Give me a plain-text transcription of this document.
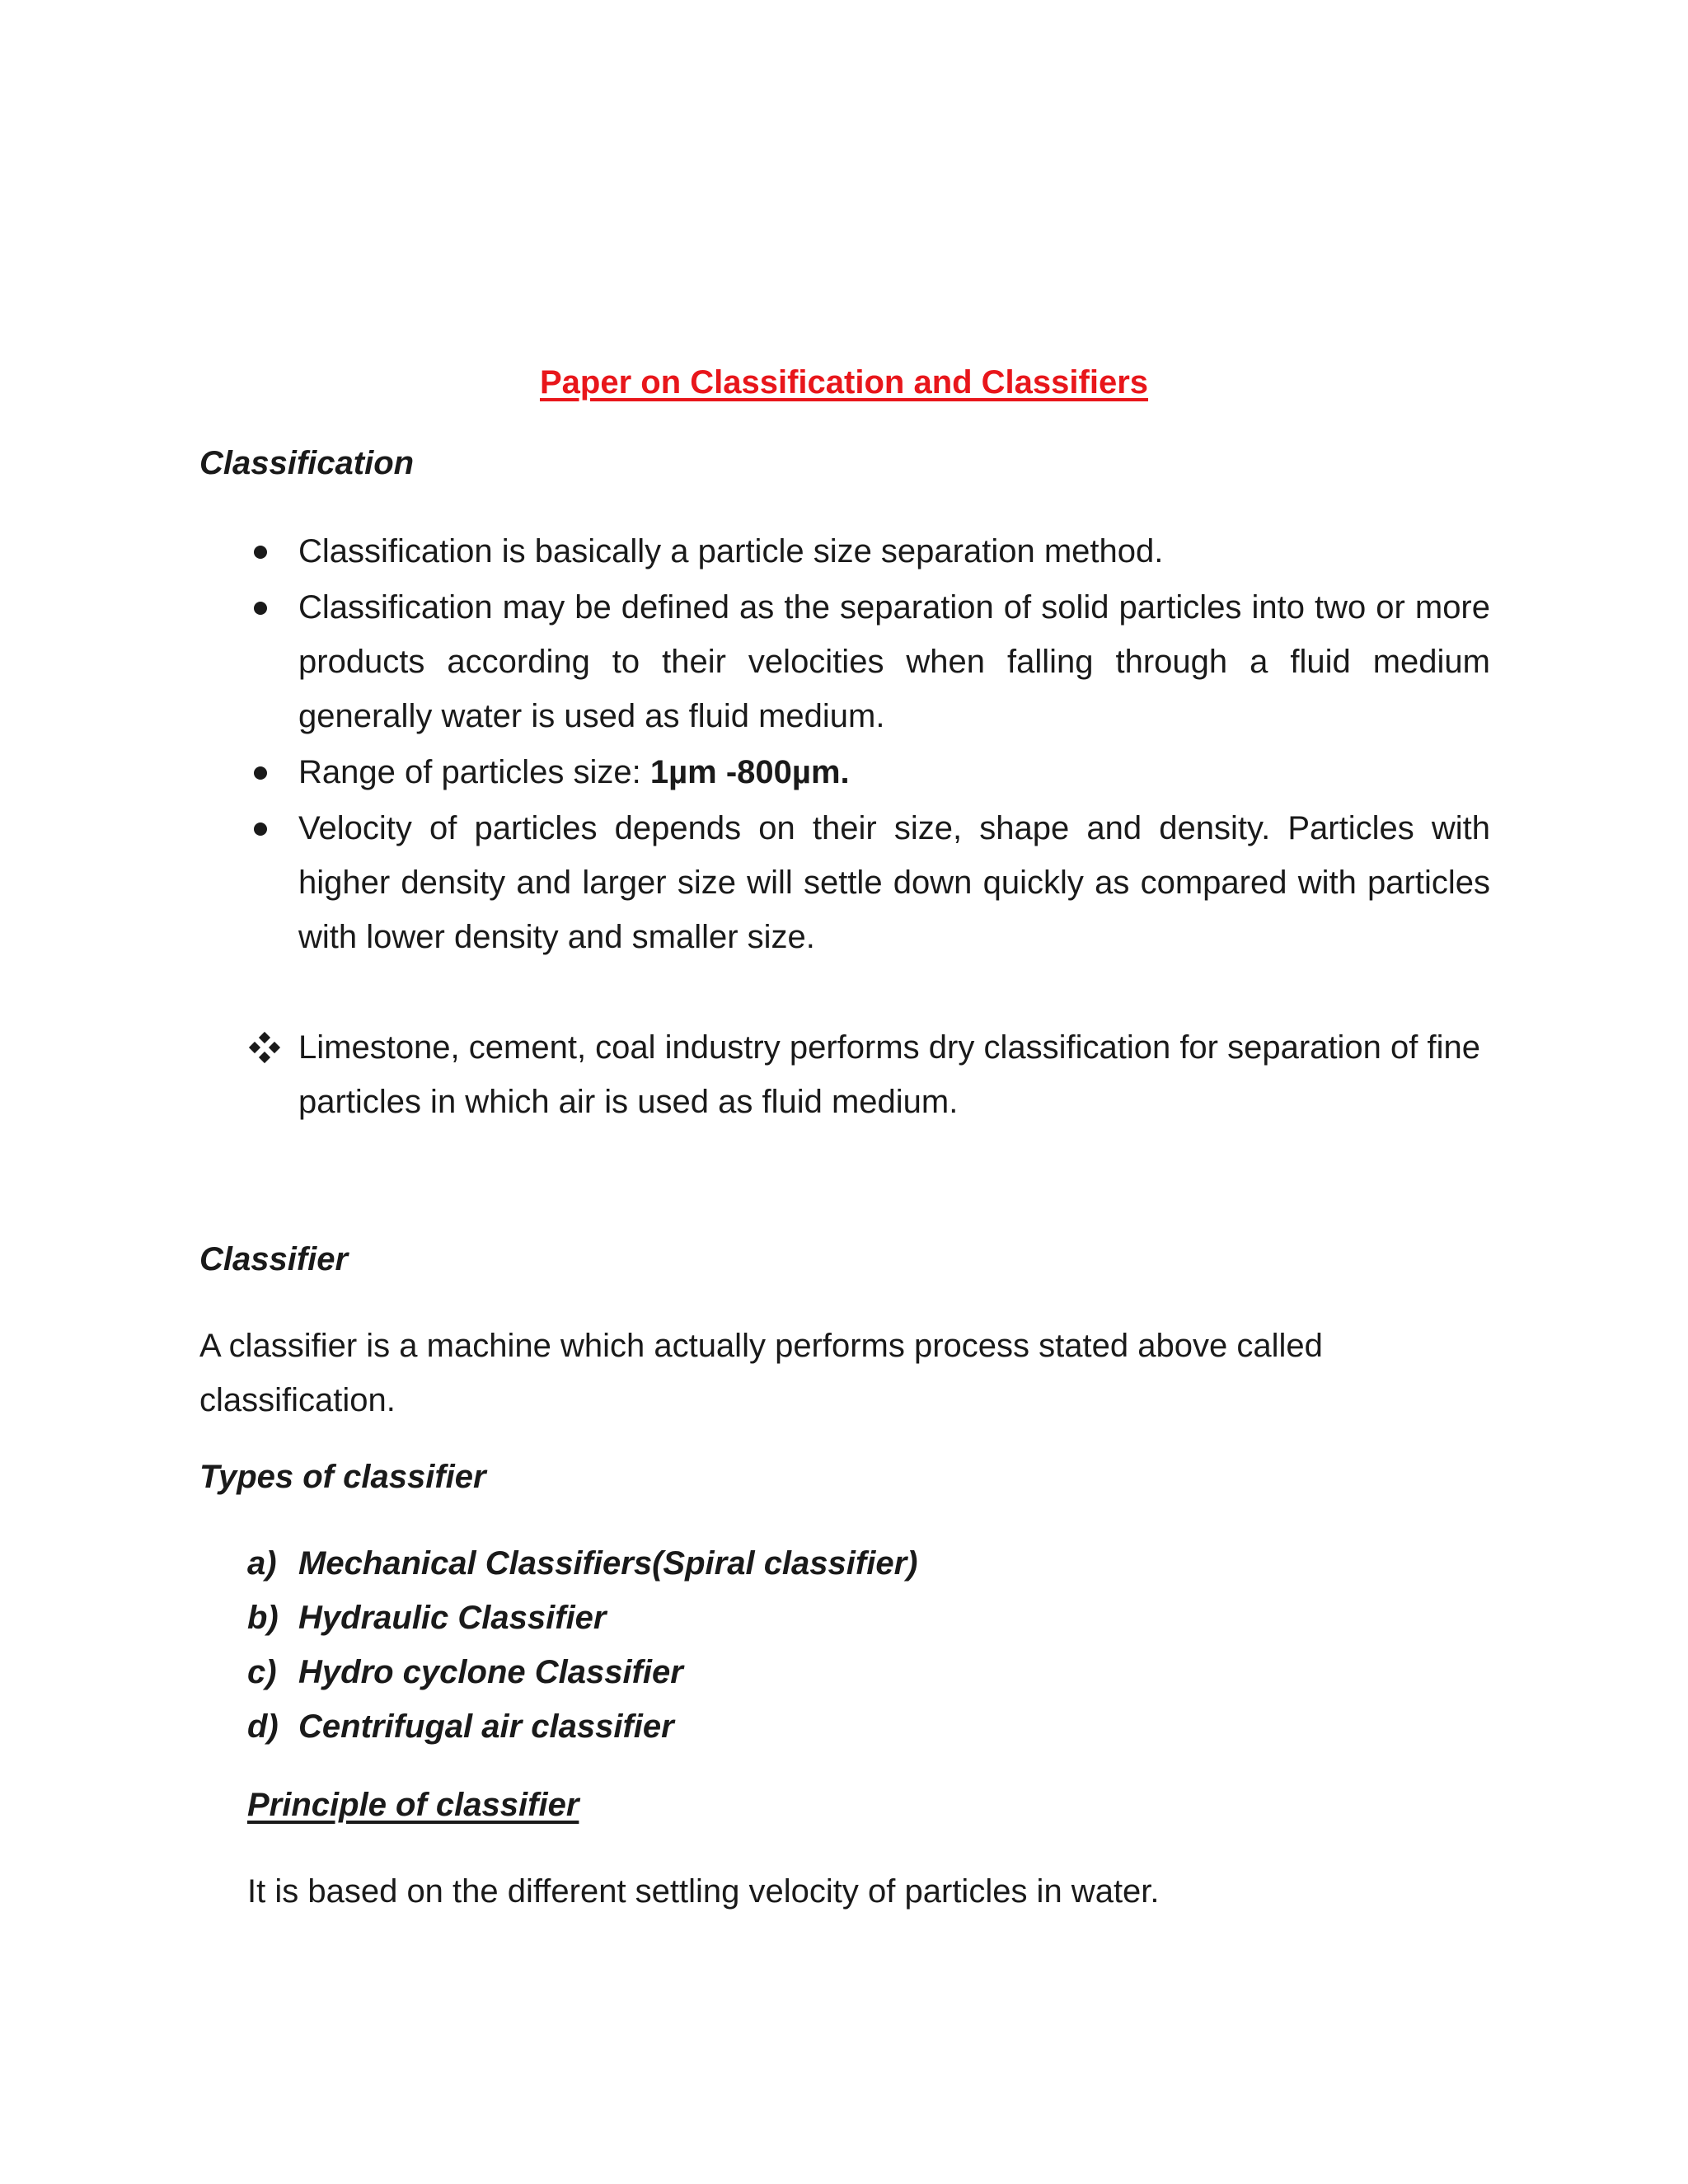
Paper on Classification and Classifiers
Classification
Classification is basically a particle size separation method.
Classification may be defined as the separation of solid particles into two or more products according to their velocities when falling through a fluid medium generally water is used as fluid medium.
Range of particles size: 1µm -800µm.
Velocity of particles depends on their size, shape and density. Particles with higher density and larger size will settle down quickly as compared with particles with lower density and smaller size.
Limestone, cement, coal industry performs dry classification for separation of fine particles in which air is used as fluid medium.
Classifier
A classifier is a machine which actually performs process stated above called classification.
Types of classifier
a) Mechanical Classifiers(Spiral classifier)
b) Hydraulic Classifier
c) Hydro cyclone Classifier
d) Centrifugal air classifier
Principle of classifier
It is based on the different settling velocity of particles in water.
